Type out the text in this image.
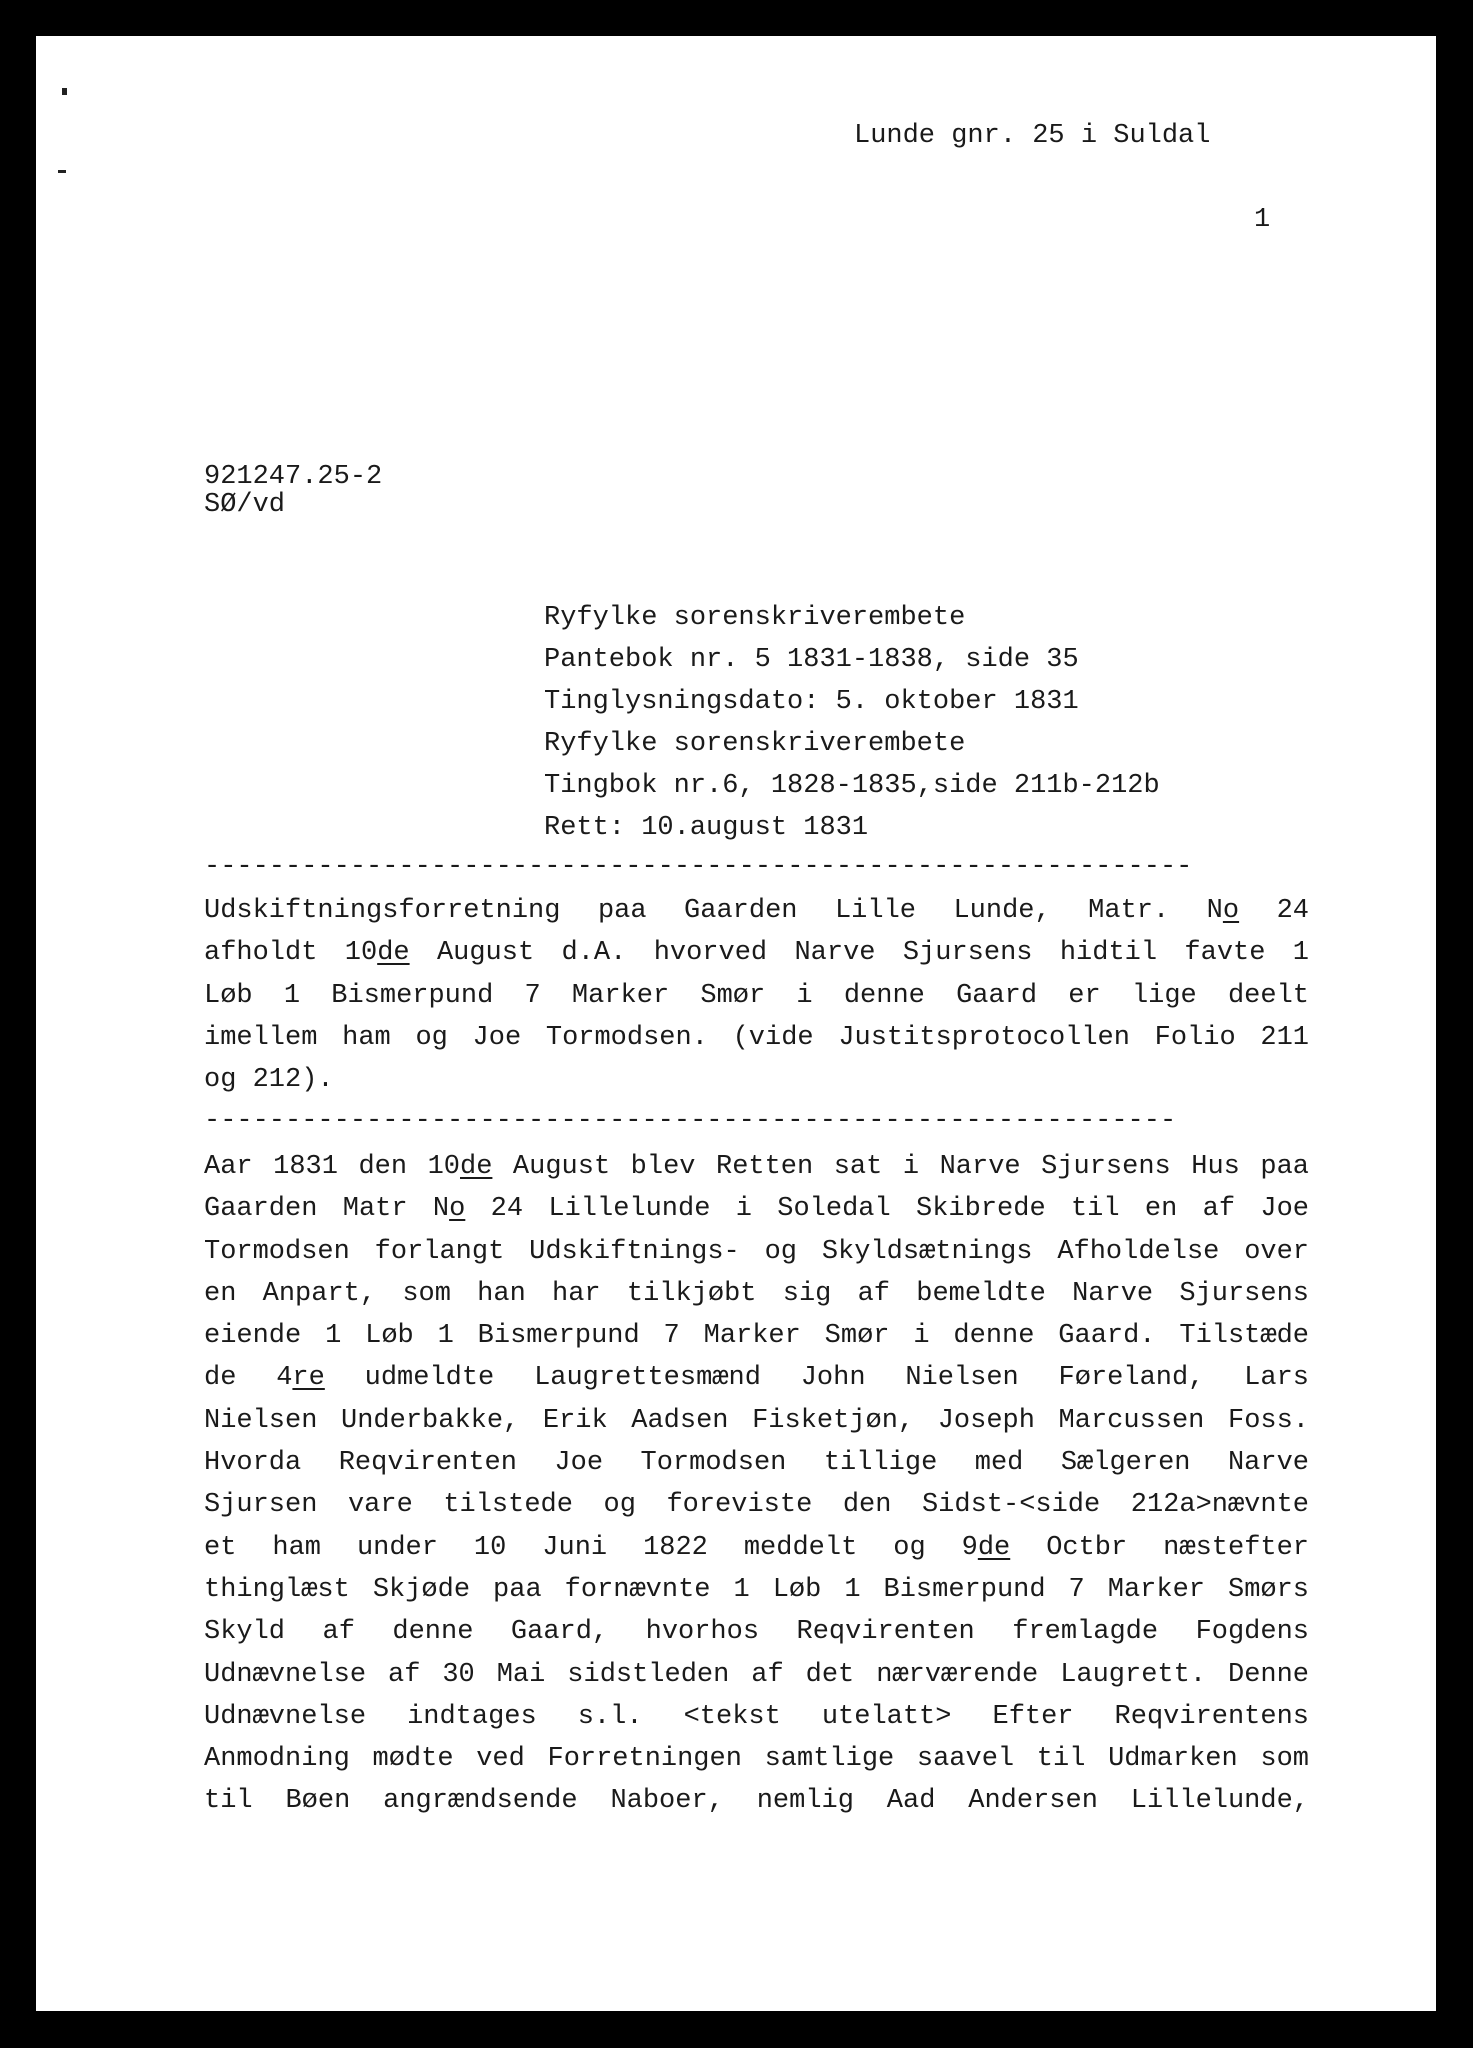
Lunde gnr. 25 i Suldal
1
921247.25-2
SØ/vd
Ryfylke sorenskriverembete
Pantebok nr. 5 1831-1838, side 35
Tinglysningsdato: 5. oktober 1831
Ryfylke sorenskriverembete
Tingbok nr.6, 1828-1835,side 211b-212b
Rett: 10.august 1831
-------------------------------------------------------------
Udskiftningsforretning paa Gaarden Lille Lunde, Matr. No 24
afholdt 10de August d.A. hvorved Narve Sjursens hidtil favte 1
Løb 1 Bismerpund 7 Marker Smør i denne Gaard er lige deelt
imellem ham og Joe Tormodsen. (vide Justitsprotocollen Folio 211
og 212).
------------------------------------------------------------
Aar 1831 den 10de August blev Retten sat i Narve Sjursens Hus paa
Gaarden Matr No 24 Lillelunde i Soledal Skibrede til en af Joe
Tormodsen forlangt Udskiftnings- og Skyldsætnings Afholdelse over
en Anpart, som han har tilkjøbt sig af bemeldte Narve Sjursens
eiende 1 Løb 1 Bismerpund 7 Marker Smør i denne Gaard. Tilstæde
de 4re udmeldte Laugrettesmænd John Nielsen Føreland, Lars
Nielsen Underbakke, Erik Aadsen Fisketjøn, Joseph Marcussen Foss.
Hvorda Reqvirenten Joe Tormodsen tillige med Sælgeren Narve
Sjursen vare tilstede og foreviste den Sidst-<side 212a>nævnte
et ham under 10 Juni 1822 meddelt og 9de Octbr næstefter
thinglæst Skjøde paa fornævnte 1 Løb 1 Bismerpund 7 Marker Smørs
Skyld af denne Gaard, hvorhos Reqvirenten fremlagde Fogdens
Udnævnelse af 30 Mai sidstleden af det nærværende Laugrett. Denne
Udnævnelse indtages s.l. <tekst utelatt> Efter Reqvirentens
Anmodning mødte ved Forretningen samtlige saavel til Udmarken som
til Bøen angrændsende Naboer, nemlig Aad Andersen Lillelunde,
